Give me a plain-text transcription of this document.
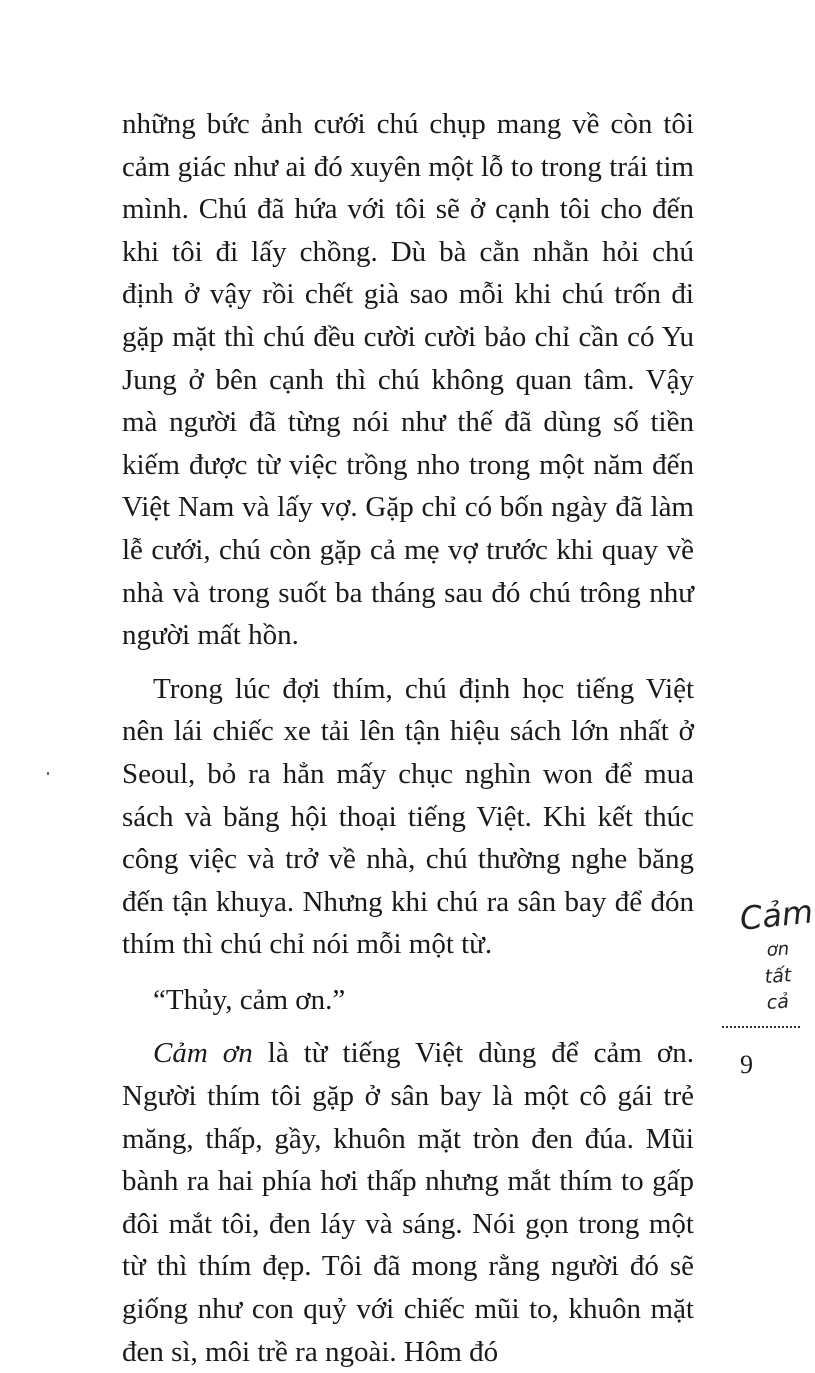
những bức ảnh cưới chú chụp mang về còn tôi cảm giác như ai đó xuyên một lỗ to trong trái tim mình. Chú đã hứa với tôi sẽ ở cạnh tôi cho đến khi tôi đi lấy chồng. Dù bà cằn nhằn hỏi chú định ở vậy rồi chết già sao mỗi khi chú trốn đi gặp mặt thì chú đều cười cười bảo chỉ cần có Yu Jung ở bên cạnh thì chú không quan tâm. Vậy mà người đã từng nói như thế đã dùng số tiền kiếm được từ việc trồng nho trong một năm đến Việt Nam và lấy vợ. Gặp chỉ có bốn ngày đã làm lễ cưới, chú còn gặp cả mẹ vợ trước khi quay về nhà và trong suốt ba tháng sau đó chú trông như người mất hồn.

Trong lúc đợi thím, chú định học tiếng Việt nên lái chiếc xe tải lên tận hiệu sách lớn nhất ở Seoul, bỏ ra hẳn mấy chục nghìn won để mua sách và băng hội thoại tiếng Việt. Khi kết thúc công việc và trở về nhà, chú thường nghe băng đến tận khuya. Nhưng khi chú ra sân bay để đón thím thì chú chỉ nói mỗi một từ.

“Thủy, cảm ơn.”

Cảm ơn là từ tiếng Việt dùng để cảm ơn. Người thím tôi gặp ở sân bay là một cô gái trẻ măng, thấp, gầy, khuôn mặt tròn đen đúa. Mũi bành ra hai phía hơi thấp nhưng mắt thím to gấp đôi mắt tôi, đen láy và sáng. Nói gọn trong một từ thì thím đẹp. Tôi đã mong rằng người đó sẽ giống như con quỷ với chiếc mũi to, khuôn mặt đen sì, môi trề ra ngoài. Hôm đó

Cảm
ơn
tất
cả
9
